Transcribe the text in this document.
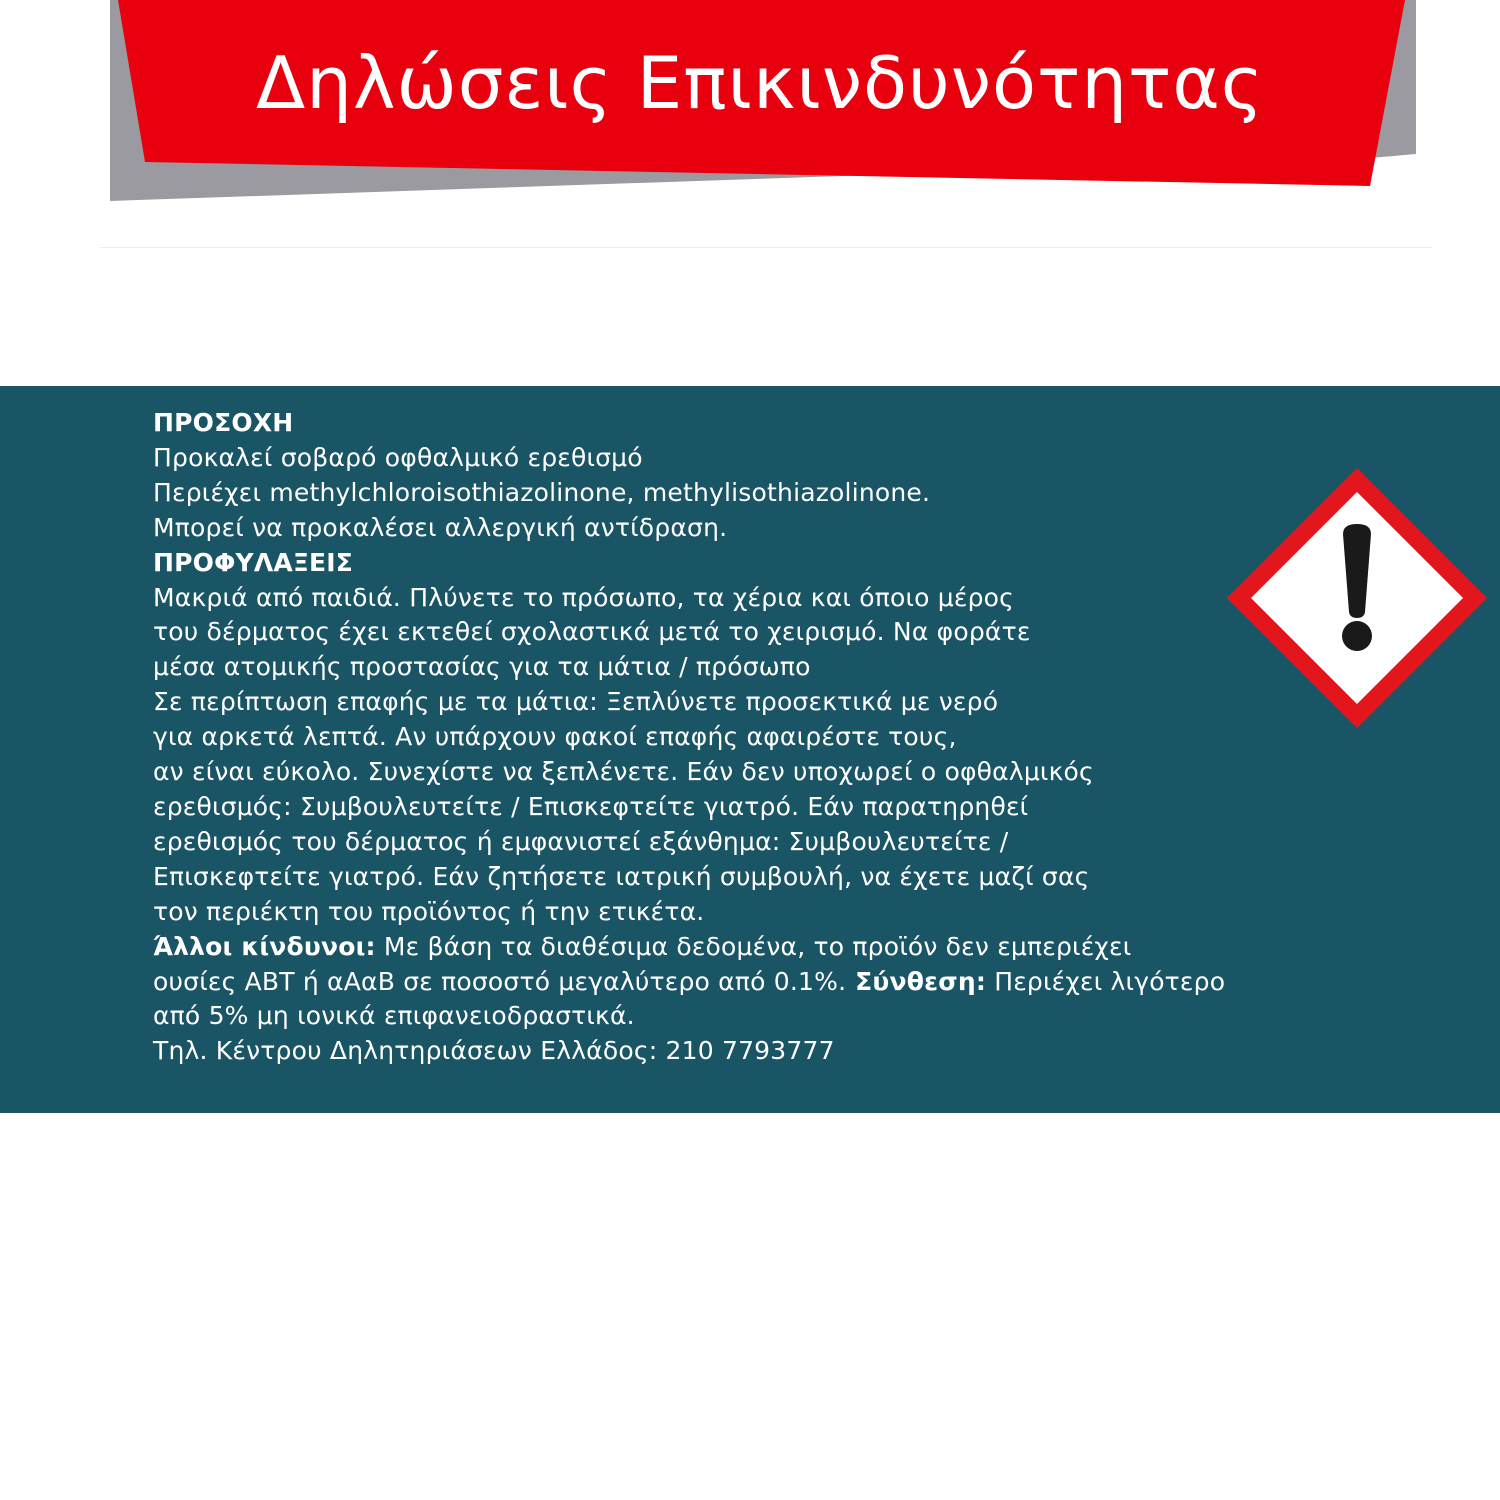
Δηλώσεις Επικινδυνότητας
ΠΡΟΣΟΧΗ
Προκαλεί σοβαρό οφθαλμικό ερεθισμό
Περιέχει methylchloroisothiazolinone, methylisothiazolinone.
Μπορεί να προκαλέσει αλλεργική αντίδραση.
ΠΡΟΦΥΛΑΞΕΙΣ
Μακριά από παιδιά. Πλύνετε το πρόσωπο, τα χέρια και όποιο μέρος
του δέρματος έχει εκτεθεί σχολαστικά μετά το χειρισμό. Να φοράτε
μέσα ατομικής προστασίας για τα μάτια / πρόσωπο
Σε περίπτωση επαφής με τα μάτια: Ξεπλύνετε προσεκτικά με νερό
για αρκετά λεπτά. Αν υπάρχουν φακοί επαφής αφαιρέστε τους,
αν είναι εύκολο. Συνεχίστε να ξεπλένετε. Εάν δεν υποχωρεί ο οφθαλμικός
ερεθισμός: Συμβουλευτείτε / Επισκεφτείτε γιατρό. Εάν παρατηρηθεί
ερεθισμός του δέρματος ή εμφανιστεί εξάνθημα: Συμβουλευτείτε /
Επισκεφτείτε γιατρό. Εάν ζητήσετε ιατρική συμβουλή, να έχετε μαζί σας
τον περιέκτη του προϊόντος ή την ετικέτα.
Άλλοι κίνδυνοι: Με βάση τα διαθέσιμα δεδομένα, το προϊόν δεν εμπεριέχει
ουσίες ΑΒΤ ή αΑαΒ σε ποσοστό μεγαλύτερο από 0.1%. Σύνθεση: Περιέχει λιγότερο
από 5% μη ιονικά επιφανειοδραστικά.
Τηλ. Κέντρου Δηλητηριάσεων Ελλάδος: 210 7793777
